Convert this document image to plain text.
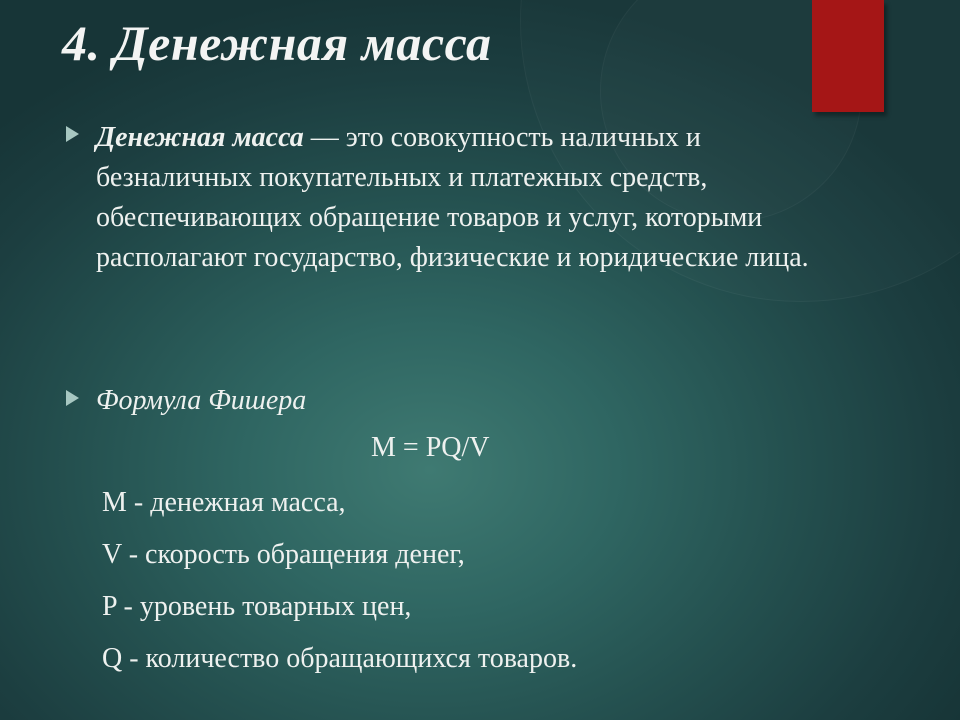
4. Денежная масса
Денежная масса — это совокупность наличных и безналичных покупательных и платежных средств, обеспечивающих обращение товаров и услуг, которыми располагают государство, физические и юридические лица.
Формула Фишера
M = PQ/V
M - денежная масса,
V - скорость обращения денег,
P - уровень товарных цен,
Q - количество обращающихся товаров.
